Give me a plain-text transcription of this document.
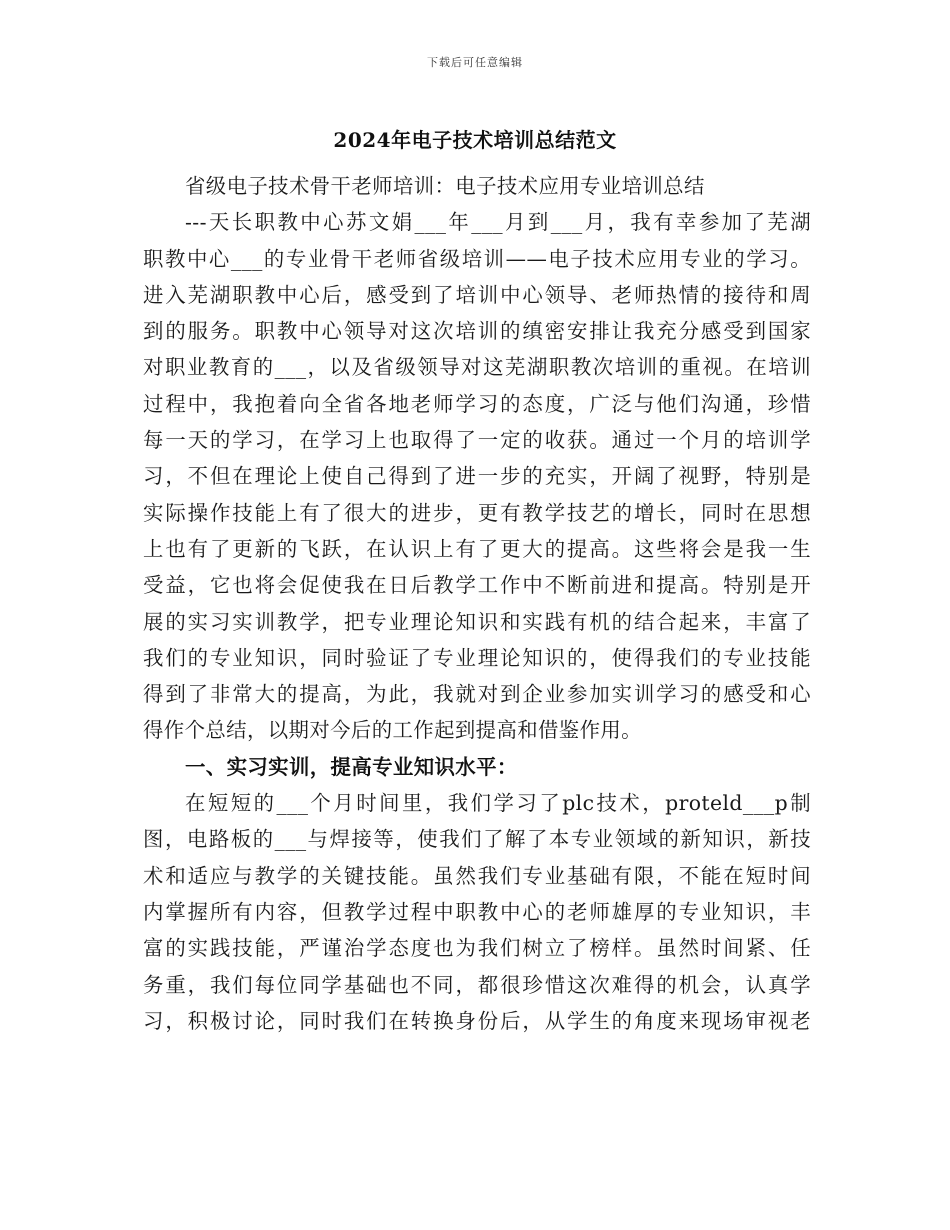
下载后可任意编辑
2024年电子技术培训总结范文
省级电子技术骨干老师培训：电子技术应用专业培训总结
---天长职教中心苏文娟___年___月到___月，我有幸参加了芜湖
职教中心___的专业骨干老师省级培训——电子技术应用专业的学习。
进入芜湖职教中心后，感受到了培训中心领导、老师热情的接待和周
到的服务。职教中心领导对这次培训的缜密安排让我充分感受到国家
对职业教育的___，以及省级领导对这芜湖职教次培训的重视。在培训
过程中，我抱着向全省各地老师学习的态度，广泛与他们沟通，珍惜
每一天的学习，在学习上也取得了一定的收获。通过一个月的培训学
习，不但在理论上使自己得到了进一步的充实，开阔了视野，特别是
实际操作技能上有了很大的进步，更有教学技艺的增长，同时在思想
上也有了更新的飞跃，在认识上有了更大的提高。这些将会是我一生
受益，它也将会促使我在日后教学工作中不断前进和提高。特别是开
展的实习实训教学，把专业理论知识和实践有机的结合起来，丰富了
我们的专业知识，同时验证了专业理论知识的，使得我们的专业技能
得到了非常大的提高，为此，我就对到企业参加实训学习的感受和心
得作个总结，以期对今后的工作起到提高和借鉴作用。
一、实习实训，提高专业知识水平：
在短短的___个月时间里，我们学习了plc技术，proteld___p制
图，电路板的___与焊接等，使我们了解了本专业领域的新知识，新技
术和适应与教学的关键技能。虽然我们专业基础有限，不能在短时间
内掌握所有内容，但教学过程中职教中心的老师雄厚的专业知识，丰
富的实践技能，严谨治学态度也为我们树立了榜样。虽然时间紧、任
务重，我们每位同学基础也不同，都很珍惜这次难得的机会，认真学
习，积极讨论，同时我们在转换身份后，从学生的角度来现场审视老
